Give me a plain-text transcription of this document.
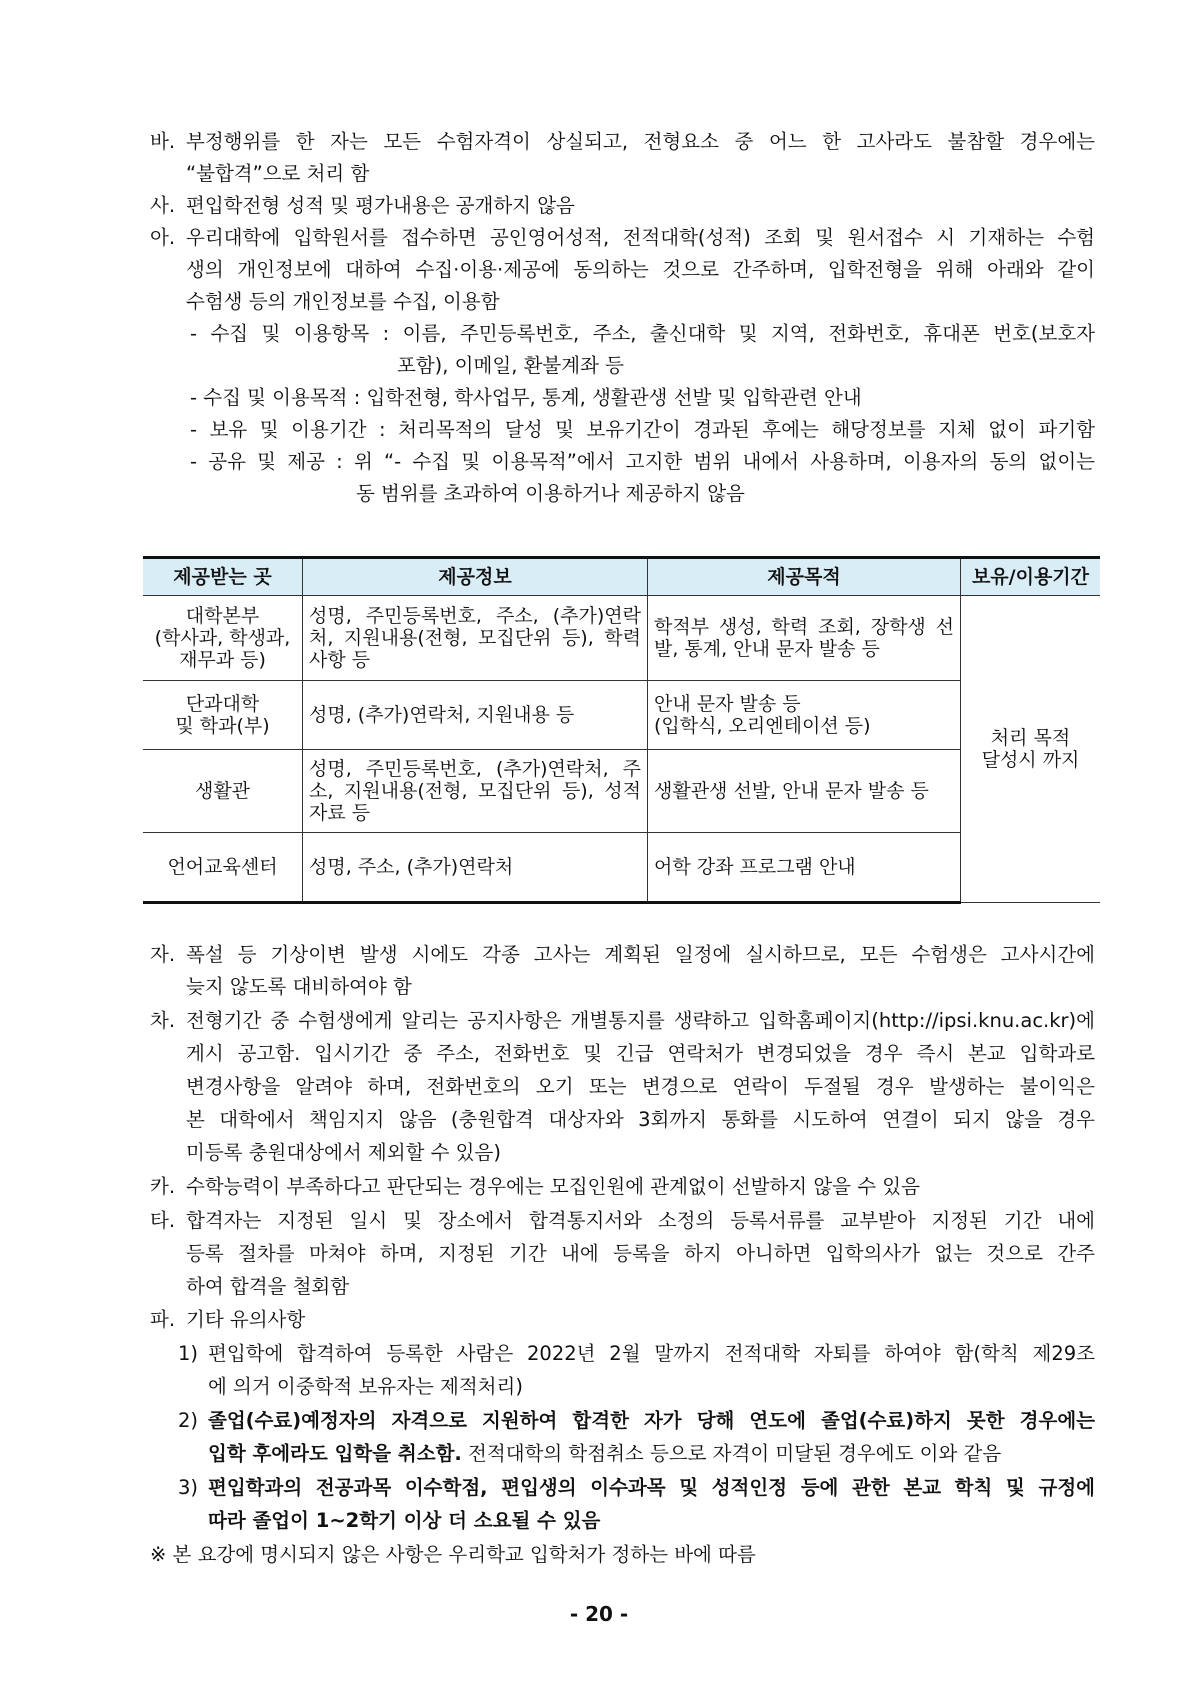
바. 부정행위를 한 자는 모든 수험자격이 상실되고, 전형요소 중 어느 한 고사라도 불참할 경우에는
“불합격”으로 처리 함
사. 편입학전형 성적 및 평가내용은 공개하지 않음
아. 우리대학에 입학원서를 접수하면 공인영어성적, 전적대학(성적) 조회 및 원서접수 시 기재하는 수험
생의 개인정보에 대하여 수집·이용·제공에 동의하는 것으로 간주하며, 입학전형을 위해 아래와 같이
수험생 등의 개인정보를 수집, 이용함
- 수집 및 이용항목 : 이름, 주민등록번호, 주소, 출신대학 및 지역, 전화번호, 휴대폰 번호(보호자
포함), 이메일, 환불계좌 등
- 수집 및 이용목적 : 입학전형, 학사업무, 통계, 생활관생 선발 및 입학관련 안내
- 보유 및 이용기간 : 처리목적의 달성 및 보유기간이 경과된 후에는 해당정보를 지체 없이 파기함
- 공유 및 제공 : 위 “- 수집 및 이용목적”에서 고지한 범위 내에서 사용하며, 이용자의 동의 없이는
동 범위를 초과하여 이용하거나 제공하지 않음
제공받는 곳	제공정보	제공목적	보유/이용기간
대학본부
(학사과, 학생과,
재무과 등)	성명, 주민등록번호, 주소, (추가)연락처, 지원내용(전형, 모집단위 등), 학력사항 등	학적부 생성, 학력 조회, 장학생 선발, 통계, 안내 문자 발송 등	처리 목적
달성시 까지
단과대학
및 학과(부)	성명, (추가)연락처, 지원내용 등	안내 문자 발송 등
(입학식, 오리엔테이션 등)	
생활관	성명, 주민등록번호, (추가)연락처, 주소, 지원내용(전형, 모집단위 등), 성적자료 등	생활관생 선발, 안내 문자 발송 등	
언어교육센터	성명, 주소, (추가)연락처	어학 강좌 프로그램 안내	
자. 폭설 등 기상이변 발생 시에도 각종 고사는 계획된 일정에 실시하므로, 모든 수험생은 고사시간에
늦지 않도록 대비하여야 함
차. 전형기간 중 수험생에게 알리는 공지사항은 개별통지를 생략하고 입학홈페이지(http://ipsi.knu.ac.kr)에
게시 공고함. 입시기간 중 주소, 전화번호 및 긴급 연락처가 변경되었을 경우 즉시 본교 입학과로
변경사항을 알려야 하며, 전화번호의 오기 또는 변경으로 연락이 두절될 경우 발생하는 불이익은
본 대학에서 책임지지 않음 (충원합격 대상자와 3회까지 통화를 시도하여 연결이 되지 않을 경우
미등록 충원대상에서 제외할 수 있음)
카. 수학능력이 부족하다고 판단되는 경우에는 모집인원에 관계없이 선발하지 않을 수 있음
타. 합격자는 지정된 일시 및 장소에서 합격통지서와 소정의 등록서류를 교부받아 지정된 기간 내에
등록 절차를 마쳐야 하며, 지정된 기간 내에 등록을 하지 아니하면 입학의사가 없는 것으로 간주
하여 합격을 철회함
파. 기타 유의사항
1) 편입학에 합격하여 등록한 사람은 2022년 2월 말까지 전적대학 자퇴를 하여야 함(학칙 제29조
에 의거 이중학적 보유자는 제적처리)
2) 졸업(수료)예정자의 자격으로 지원하여 합격한 자가 당해 연도에 졸업(수료)하지 못한 경우에는
입학 후에라도 입학을 취소함. 전적대학의 학점취소 등으로 자격이 미달된 경우에도 이와 같음
3) 편입학과의 전공과목 이수학점, 편입생의 이수과목 및 성적인정 등에 관한 본교 학칙 및 규정에
따라 졸업이 1~2학기 이상 더 소요될 수 있음
※ 본 요강에 명시되지 않은 사항은 우리학교 입학처가 정하는 바에 따름
- 20 -
